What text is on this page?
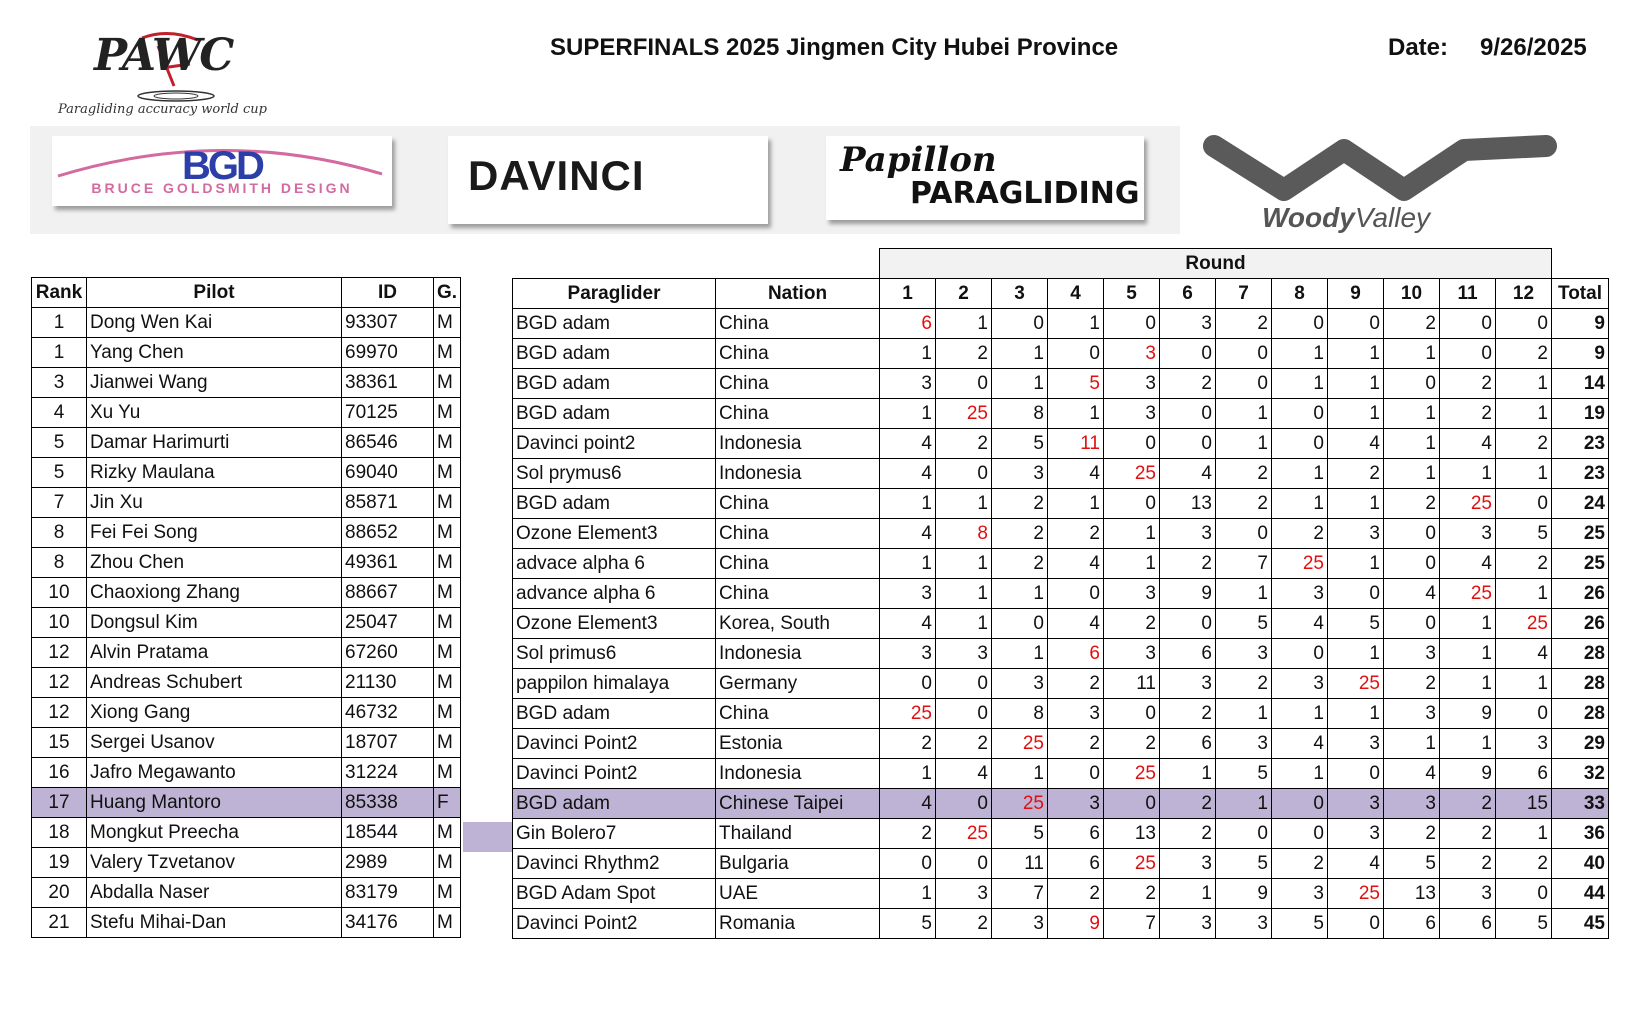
PAWC
Paragliding accuracy world cup
SUPERFINALS 2025 Jingmen City Hubei Province	Date: 9/26/2025
BGD
BRUCE GOLDSMITH DESIGN	DAVINCI	Papillon
PARAGLIDING
WoodyValley
Rank	Pilot	ID	G.
1	Dong Wen Kai	93307	M
1	Yang Chen	69970	M
3	Jianwei Wang	38361	M
4	Xu Yu	70125	M
5	Damar Harimurti	86546	M
5	Rizky Maulana	69040	M
7	Jin Xu	85871	M
8	Fei Fei Song	88652	M
8	Zhou Chen	49361	M
10	Chaoxiong Zhang	88667	M
10	Dongsul Kim	25047	M
12	Alvin Pratama	67260	M
12	Andreas Schubert	21130	M
12	Xiong Gang	46732	M
15	Sergei Usanov	18707	M
16	Jafro Megawanto	31224	M
17	Huang Mantoro	85338	F
18	Mongkut Preecha	18544	M
19	Valery Tzvetanov	2989	M
20	Abdalla Naser	83179	M
21	Stefu Mihai-Dan	34176	M
		Round												
Paraglider	Nation	1	2	3	4	5	6	7	8	9	10	11	12	Total
BGD adam	China	6	1	0	1	0	3	2	0	0	2	0	0	9
BGD adam	China	1	2	1	0	3	0	0	1	1	1	0	2	9
BGD adam	China	3	0	1	5	3	2	0	1	1	0	2	1	14
BGD adam	China	1	25	8	1	3	0	1	0	1	1	2	1	19
Davinci point2	Indonesia	4	2	5	11	0	0	1	0	4	1	4	2	23
Sol prymus6	Indonesia	4	0	3	4	25	4	2	1	2	1	1	1	23
BGD adam	China	1	1	2	1	0	13	2	1	1	2	25	0	24
Ozone Element3	China	4	8	2	2	1	3	0	2	3	0	3	5	25
advace alpha 6	China	1	1	2	4	1	2	7	25	1	0	4	2	25
advance alpha 6	China	3	1	1	0	3	9	1	3	0	4	25	1	26
Ozone Element3	Korea, South	4	1	0	4	2	0	5	4	5	0	1	25	26
Sol primus6	Indonesia	3	3	1	6	3	6	3	0	1	3	1	4	28
pappilon himalaya	Germany	0	0	3	2	11	3	2	3	25	2	1	1	28
BGD adam	China	25	0	8	3	0	2	1	1	1	3	9	0	28
Davinci Point2	Estonia	2	2	25	2	2	6	3	4	3	1	1	3	29
Davinci Point2	Indonesia	1	4	1	0	25	1	5	1	0	4	9	6	32
BGD adam	Chinese Taipei	4	0	25	3	0	2	1	0	3	3	2	15	33
Gin Bolero7	Thailand	2	25	5	6	13	2	0	0	3	2	2	1	36
Davinci Rhythm2	Bulgaria	0	0	11	6	25	3	5	2	4	5	2	2	40
BGD Adam Spot	UAE	1	3	7	2	2	1	9	3	25	13	3	0	44
Davinci Point2	Romania	5	2	3	9	7	3	3	5	0	6	6	5	45
